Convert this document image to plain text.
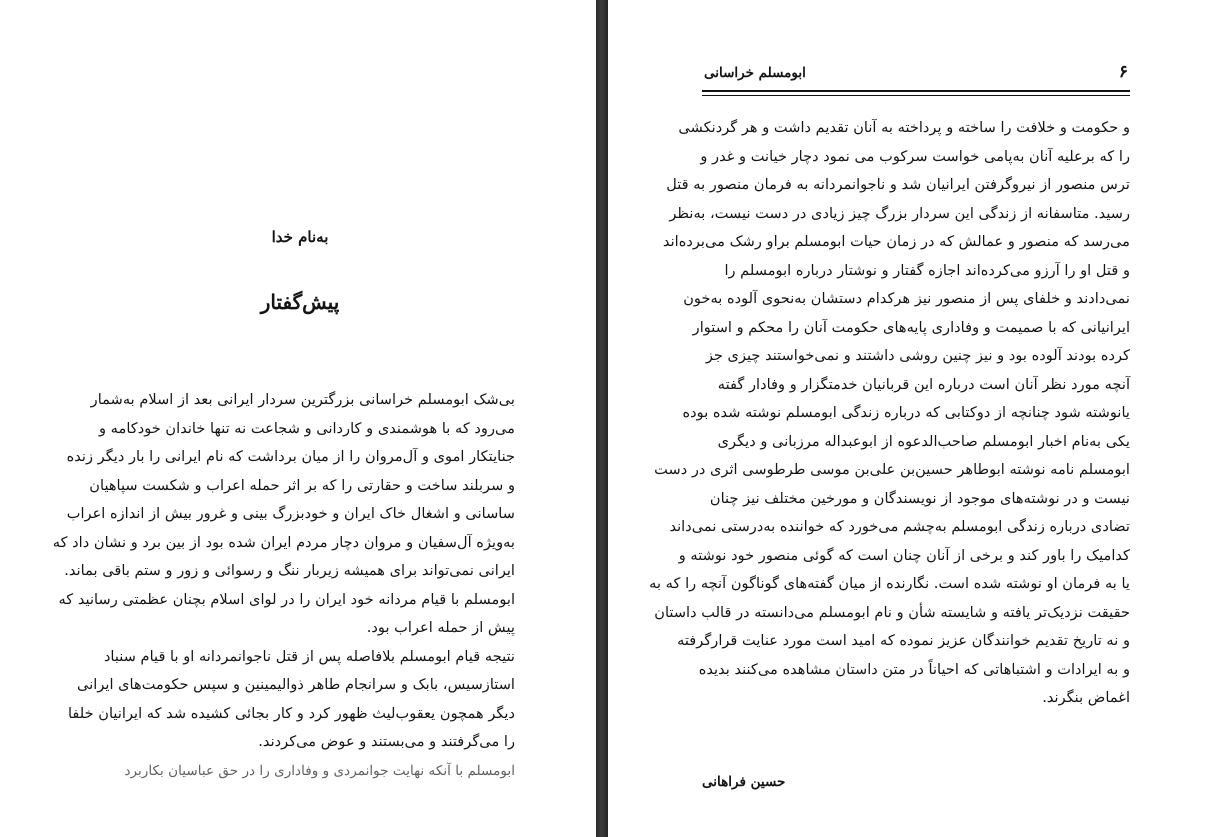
به‌نام خدا
پیش‌گفتار
بی‌شک ابومسلم خراسانی بزرگترین سردار ایرانی بعد از اسلام به‌شمار
می‌رود که با هوشمندی و کاردانی و شجاعت نه تنها خاندان خودکامه و
جنایتکار اموی و آل‌مروان را از میان برداشت که نام ایرانی را بار دیگر زنده
و سربلند ساخت و حقارتی را که بر اثر حمله اعراب و شکست سپاهیان
ساسانی و اشغال خاک ایران و خودبزرگ بینی و غرور بیش از اندازه اعراب
به‌ویژه آل‌سفیان و مروان دچار مردم ایران شده بود از بین برد و نشان داد که
ایرانی نمی‌تواند برای همیشه زیربار ننگ و رسوائی و زور و ستم باقی بماند.
ابومسلم با قیام مردانه خود ایران را در لوای اسلام بچنان عظمتی رسانید که
پیش از حمله اعراب بود.
نتیجه قیام ابومسلم بلافاصله پس از قتل ناجوانمردانه او با قیام سنباد
استازسیس، بابک و سرانجام طاهر ذوالیمینین و سپس حکومت‌های ایرانی
دیگر همچون یعقوب‌لیث ظهور کرد و کار بجائی کشیده شد که ایرانیان خلفا
را می‌گرفتند و می‌بستند و عوض می‌کردند.
ابومسلم با آنکه نهایت جوانمردی و وفاداری را در حق عباسیان بکاربرد
۶
ابومسلم خراسانی
و حکومت و خلافت را ساخته و پرداخته به آنان تقدیم داشت و هر گردنکشی
را که برعلیه آنان به‌پامی خواست سرکوب می نمود دچار خیانت و غدر و
ترس منصور از نیروگرفتن ایرانیان شد و ناجوانمردانه به فرمان منصور به قتل
رسید. متاسفانه از زندگی این سردار بزرگ چیز زیادی در دست نیست، به‌نظر
می‌رسد که منصور و عمالش که در زمان حیات ابومسلم براو رشک می‌برده‌اند
و قتل او را آرزو می‌کرده‌اند اجازه گفتار و نوشتار درباره ابومسلم را
نمی‌دادند و خلفای پس از منصور نیز هرکدام دستشان به‌نحوی آلوده به‌خون
ایرانیانی که با صمیمت و وفاداری پایه‌های حکومت آنان را محکم و استوار
کرده بودند آلوده بود و نیز چنین روشی داشتند و نمی‌خواستند چیزی جز
آنچه مورد نظر آنان است درباره این قربانیان خدمتگزار و وفادار گفته
یانوشته شود چنانچه از دوکتابی که درباره زندگی ابومسلم نوشته شده بوده
یکی به‌نام اخبار ابومسلم صاحب‌الدعوه از ابوعبداله مرزبانی و دیگری
ابومسلم نامه نوشته ابوطاهر حسین‌بن علی‌بن موسی طرطوسی اثری در دست
نیست و در نوشته‌های موجود از نویسندگان و مورخین مختلف نیز چنان
تضادی درباره زندگی ابومسلم به‌چشم می‌خورد که خواننده به‌درستی نمی‌داند
کدامیک را باور کند و برخی از آنان چنان است که گوئی منصور خود نوشته و
یا به فرمان او نوشته شده است. نگارنده از میان گفته‌های گوناگون آنچه را که به
حقیقت نزدیک‌تر یافته و شایسته شأن و نام ابومسلم می‌دانسته در قالب داستان
و نه تاریخ تقدیم خوانندگان عزیز نموده که امید است مورد عنایت قرارگرفته
و به ایرادات و اشتباهاتی که احیاناً در متن داستان مشاهده می‌کنند بدیده
اغماض بنگرند.
حسین فراهانی
